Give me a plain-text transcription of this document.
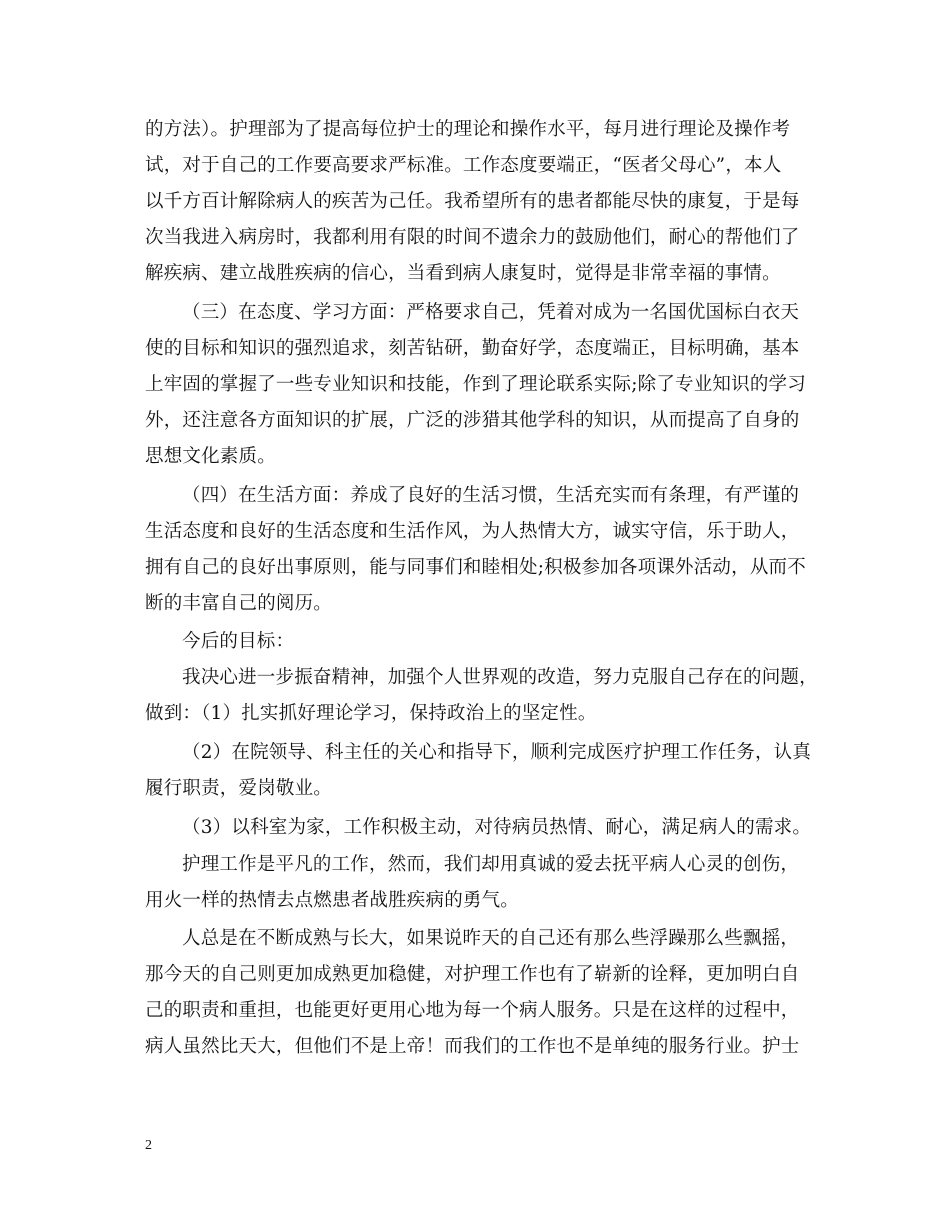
的方法）。护理部为了提高每位护士的理论和操作水平，每月进行理论及操作考
试，对于自己的工作要高要求严标准。工作态度要端正，“医者父母心”，本人
以千方百计解除病人的疾苦为己任。我希望所有的患者都能尽快的康复，于是每
次当我进入病房时，我都利用有限的时间不遗余力的鼓励他们，耐心的帮他们了
解疾病、建立战胜疾病的信心，当看到病人康复时，觉得是非常幸福的事情。
（三）在态度、学习方面：严格要求自己，凭着对成为一名国优国标白衣天
使的目标和知识的强烈追求，刻苦钻研，勤奋好学，态度端正，目标明确，基本
上牢固的掌握了一些专业知识和技能，作到了理论联系实际;除了专业知识的学习
外，还注意各方面知识的扩展，广泛的涉猎其他学科的知识，从而提高了自身的
思想文化素质。
（四）在生活方面：养成了良好的生活习惯，生活充实而有条理，有严谨的
生活态度和良好的生活态度和生活作风，为人热情大方，诚实守信，乐于助人，
拥有自己的良好出事原则，能与同事们和睦相处;积极参加各项课外活动，从而不
断的丰富自己的阅历。
今后的目标：
我决心进一步振奋精神，加强个人世界观的改造，努力克服自己存在的问题，
做到：（1）扎实抓好理论学习，保持政治上的坚定性。
（2）在院领导、科主任的关心和指导下，顺利完成医疗护理工作任务，认真
履行职责，爱岗敬业。
（3）以科室为家，工作积极主动，对待病员热情、耐心，满足病人的需求。
护理工作是平凡的工作，然而，我们却用真诚的爱去抚平病人心灵的创伤，
用火一样的热情去点燃患者战胜疾病的勇气。
人总是在不断成熟与长大，如果说昨天的自己还有那么些浮躁那么些飘摇，
那今天的自己则更加成熟更加稳健，对护理工作也有了崭新的诠释，更加明白自
己的职责和重担，也能更好更用心地为每一个病人服务。只是在这样的过程中，
病人虽然比天大，但他们不是上帝！而我们的工作也不是单纯的服务行业。护士
2
